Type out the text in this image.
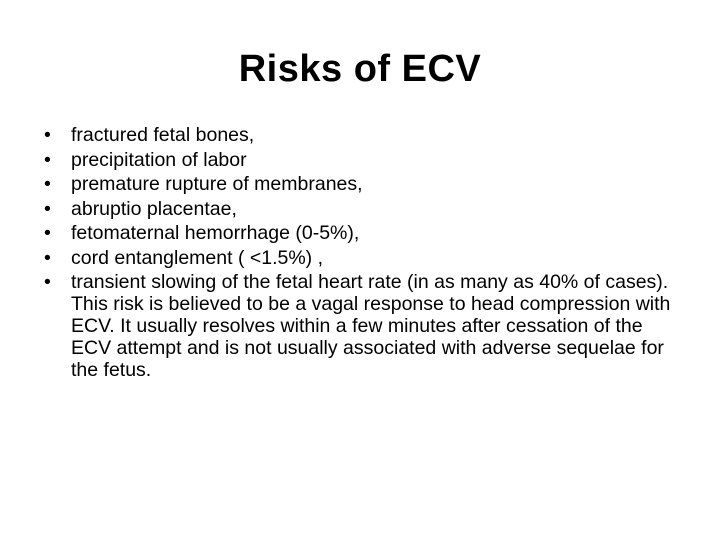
Risks of ECV
• fractured fetal bones,
• precipitation of labor
• premature rupture of membranes,
• abruptio placentae,
• fetomaternal hemorrhage (0-5%),
• cord entanglement ( <1.5%) ,
• transient slowing of the fetal heart rate (in as many as 40% of cases). This risk is believed to be a vagal response to head compression with ECV. It usually resolves within a few minutes after cessation of the ECV attempt and is not usually associated with adverse sequelae for the fetus.
